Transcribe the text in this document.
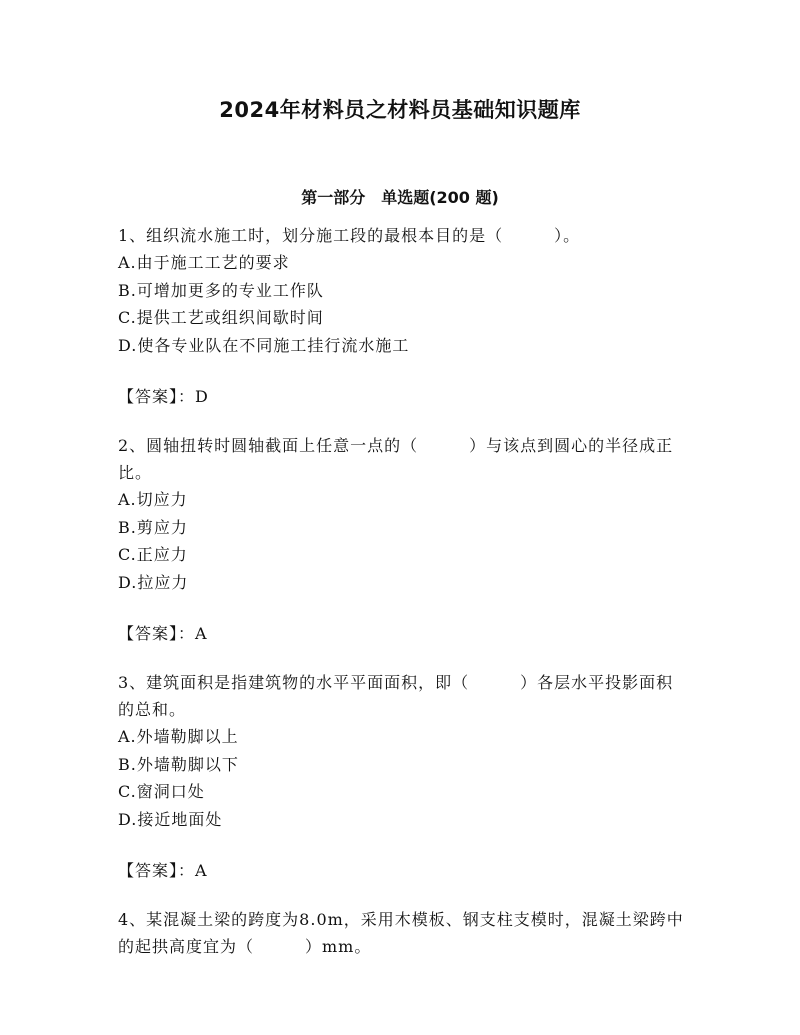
2024年材料员之材料员基础知识题库
第一部分　单选题(200 题)

1、组织流水施工时，划分施工段的最根本目的是（　　　）。

A.由于施工工艺的要求
B.可增加更多的专业工作队
C.提供工艺或组织间歇时间
D.使各专业队在不同施工挂行流水施工

【答案】：D

2、圆轴扭转时圆轴截面上任意一点的（　　　）与该点到圆心的半径成正比。

A.切应力
B.剪应力
C.正应力
D.拉应力

【答案】：A

3、建筑面积是指建筑物的水平平面面积，即（　　　）各层水平投影面积的总和。

A.外墙勒脚以上
B.外墙勒脚以下
C.窗洞口处
D.接近地面处

【答案】：A

4、某混凝土梁的跨度为8.0m，采用木模板、钢支柱支模时，混凝土梁跨中的起拱高度宜为（　　　）mm。
